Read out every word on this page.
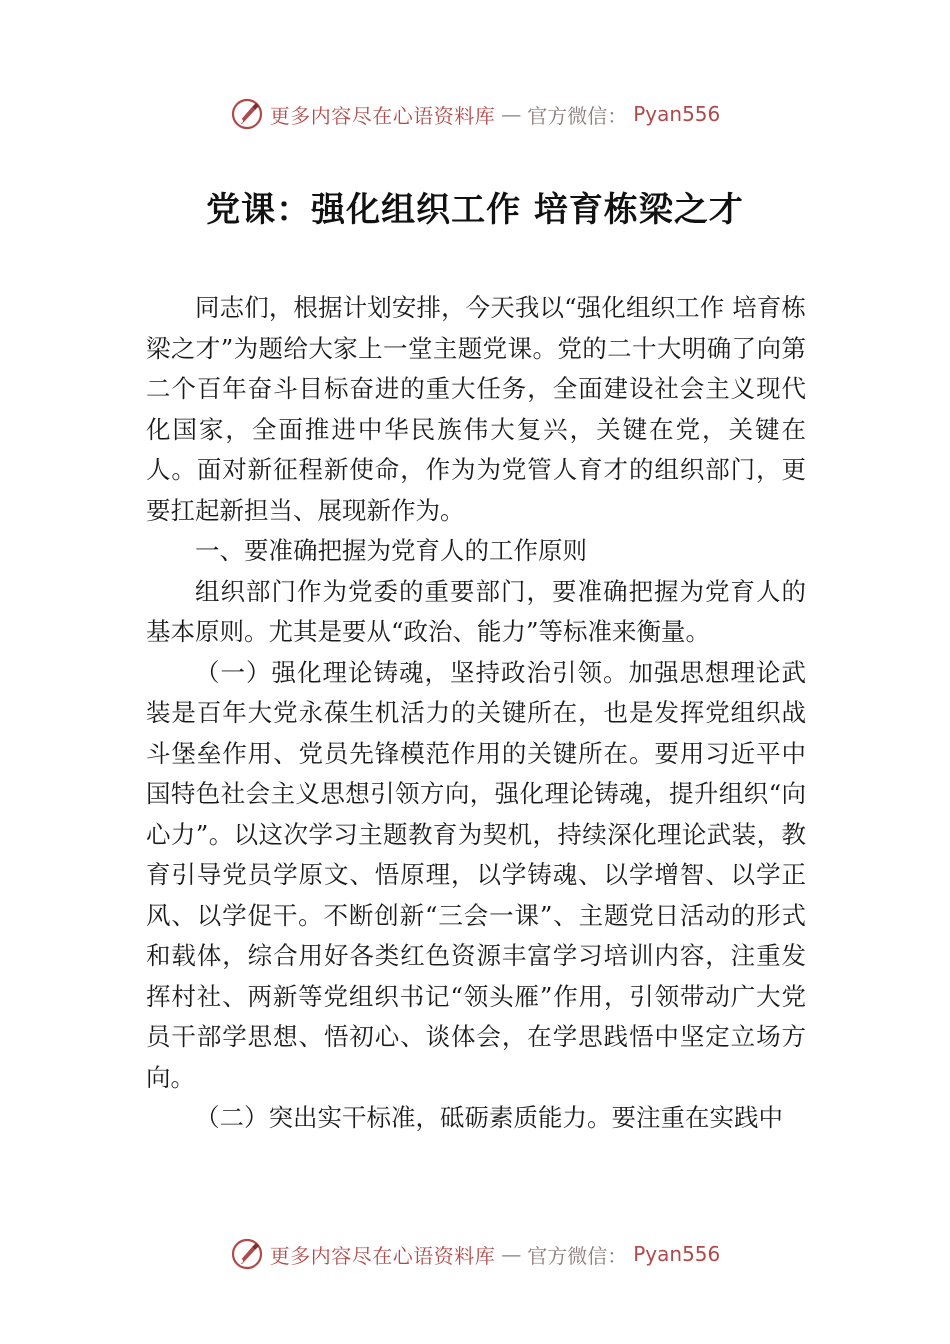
更多内容尽在心语资料库 — 官方微信： Pyan556
党课：强化组织工作 培育栋梁之才

同志们，根据计划安排，今天我以“强化组织工作 培育栋梁之才”为题给大家上一堂主题党课。党的二十大明确了向第二个百年奋斗目标奋进的重大任务，全面建设社会主义现代化国家，全面推进中华民族伟大复兴，关键在党，关键在人。面对新征程新使命，作为为党管人育才的组织部门，更要扛起新担当、展现新作为。

一、要准确把握为党育人的工作原则

组织部门作为党委的重要部门，要准确把握为党育人的基本原则。尤其是要从“政治、能力”等标准来衡量。

（一）强化理论铸魂，坚持政治引领。加强思想理论武装是百年大党永葆生机活力的关键所在，也是发挥党组织战斗堡垒作用、党员先锋模范作用的关键所在。要用习近平中国特色社会主义思想引领方向，强化理论铸魂，提升组织“向心力”。以这次学习主题教育为契机，持续深化理论武装，教育引导党员学原文、悟原理，以学铸魂、以学增智、以学正风、以学促干。不断创新“三会一课”、主题党日活动的形式和载体，综合用好各类红色资源丰富学习培训内容，注重发挥村社、两新等党组织书记“领头雁”作用，引领带动广大党员干部学思想、悟初心、谈体会，在学思践悟中坚定立场方向。

（二）突出实干标准，砥砺素质能力。要注重在实践中

更多内容尽在心语资料库 — 官方微信： Pyan556
